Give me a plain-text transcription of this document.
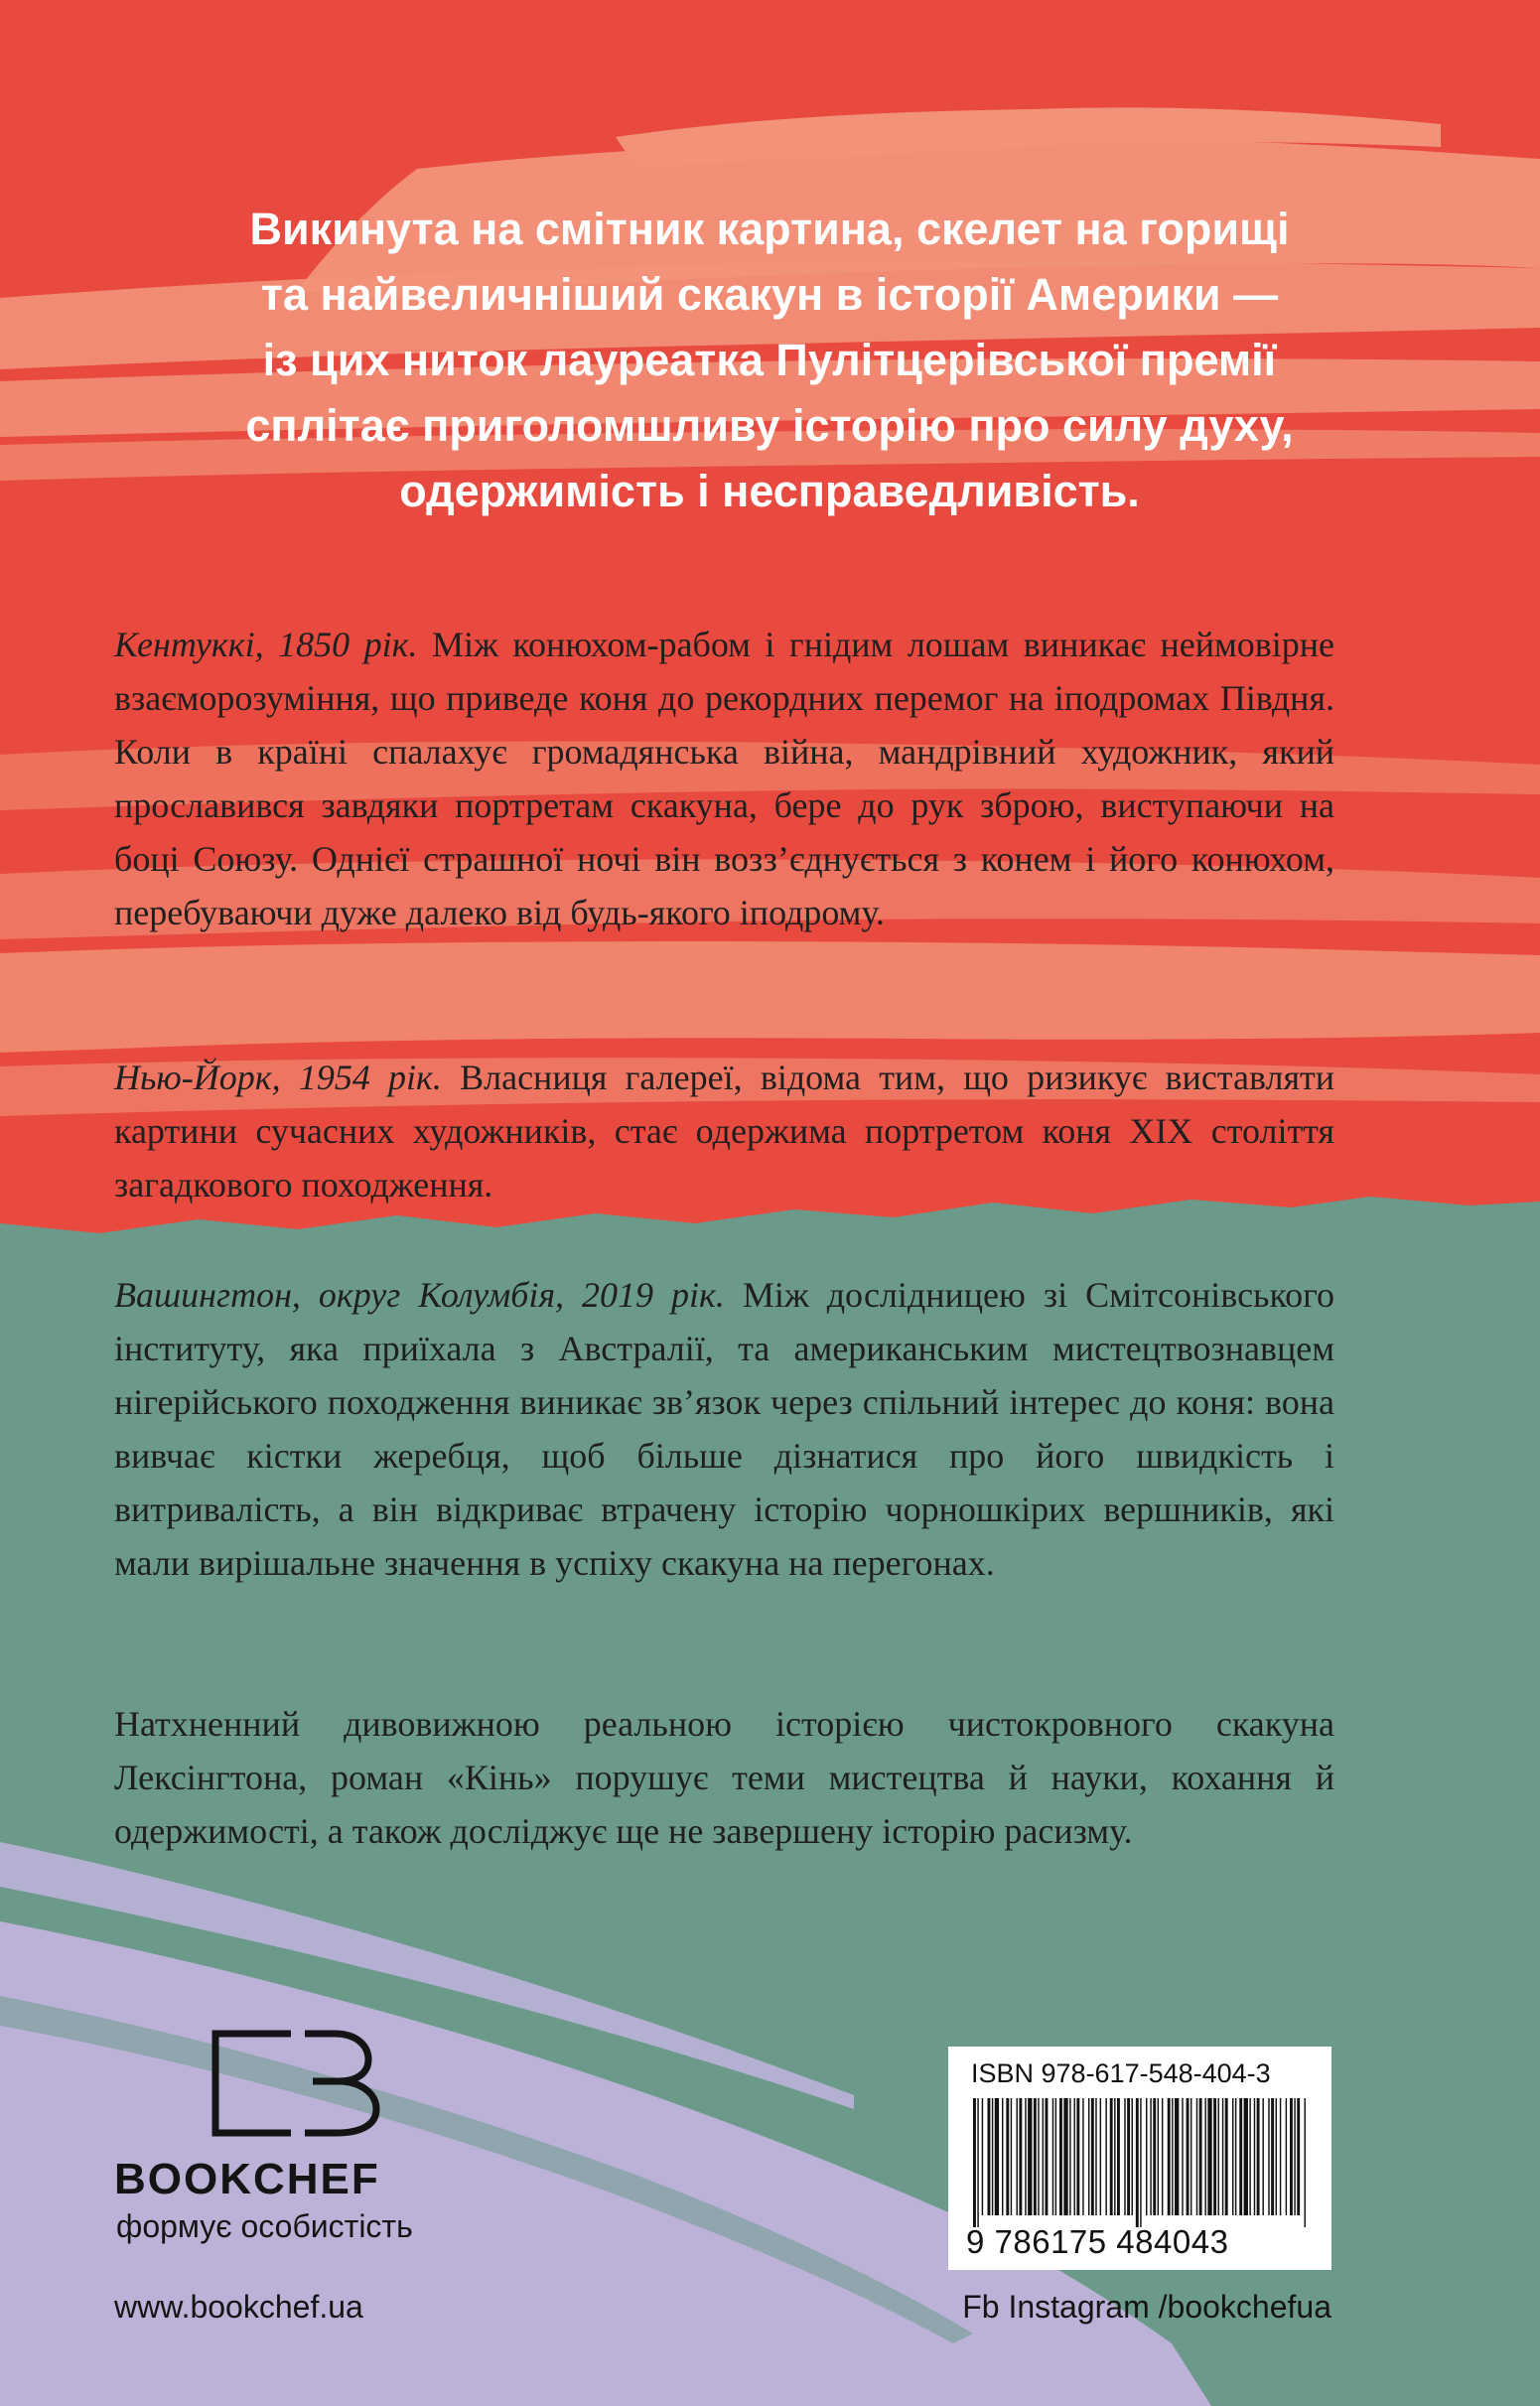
Викинута на смітник картина, скелет на горищі
та найвеличніший скакун в історії Америки —
із цих ниток лауреатка Пулітцерівської премії
сплітає приголомшливу історію про силу духу,
одержимість і несправедливість.

Кентуккі, 1850 рік. Між конюхом-рабом і гнідим лошам виникає неймовірне взаєморозуміння, що приведе коня до рекордних перемог на іподромах Півдня. Коли в країні спалахує громадянська війна, мандрівний художник, який прославився завдяки портретам скакуна, бере до рук зброю, виступаючи на боці Союзу. Однієї страшної ночі він возз’єднується з конем і його конюхом, перебуваючи дуже далеко від будь-якого іподрому.

Нью-Йорк, 1954 рік. Власниця галереї, відома тим, що ризикує виставляти картини сучасних художників, стає одержима портретом коня XIX століття загадкового походження.

Вашингтон, округ Колумбія, 2019 рік. Між дослідницею зі Смітсонівського інституту, яка приїхала з Австралії, та американським мистецтвознавцем нігерійського походження виникає зв’язок через спільний інтерес до коня: вона вивчає кістки жеребця, щоб більше дізнатися про його швидкість і витривалість, а він відкриває втрачену історію чорношкірих вершників, які мали вирішальне значення в успіху скакуна на перегонах.

Натхненний дивовижною реальною історією чистокровного скакуна Лексінгтона, роман «Кінь» порушує теми мистецтва й науки, кохання й одержимості, а також досліджує ще не завершену історію расизму.

BOOKCHEF
формує особистість
www.bookchef.ua	Fb Instagram /bookchefua
ISBN 978-617-548-404-3
9 786175 484043
